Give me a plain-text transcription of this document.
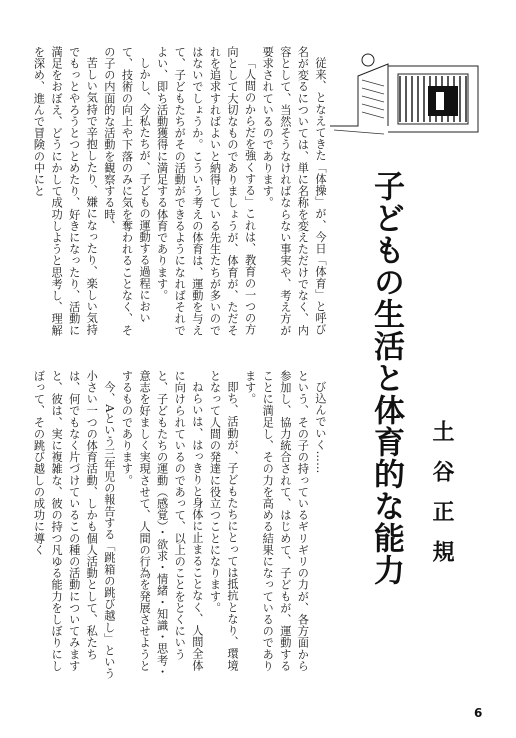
従来、となえてきた「体操」が、今日「体育」と呼び名が変るについては、単に名称を変えただけでなく、内容として、当然そうなければならない事実や、考え方が要求されているのであります。

「人間のからだを強くする」これは、教育の一つの方向として大切なものでありましょうが、体育が、ただそれを追求すればよいと納得している先生たちが多いのではないでしょうか。こういう考えの体育は、運動を与えて、子どもたちがその活動ができるようになればそれでよい、即ち活動獲得に満足する体育であります。

しかし、今私たちが、子どもの運動する過程において、技術の向上や下落のみに気を奪われることなく、その子の内面的な活動を観察する時、

苦しい気持で辛抱したり、嫌になったり、楽しい気持でもっとやろうとつとめたり、好きになったり、活動に満足をおぼえ、どうにかして成功しようと思考し、理解を深め、進んで冒険の中にと

び込んでいく……

という、その子の持っているギリギリの力が、各方面から参加し、協力統合されて、はじめて、子どもが、運動することに満足し、その力を高める結果になっているのであります。

即ち、活動が、子どもたちにとっては抵抗となり、環境となって人間の発達に役立つことになります。

ねらいは、はっきりと身体に止まることなく、人間全体に向けられているのであって、以上のことをとくにいうと、子どもたちの運動（感覚）・欲求・情緒・知識・思考・意志を好ましく実現させて、人間の行為を発展させようとするものであります。

今、Aという三年児の報告する「跳箱の跳び越し」という小さい一つの体育活動、しかも個人活動として、私たちは、何でもなく片づけているこの種の活動についてみますと、彼は、実に複雑な、彼の持つ凡ゆる能力をしぼりにしぼって、その跳び越しの成功に導く	子どもの生活と体育的な能力 土谷正規
6
